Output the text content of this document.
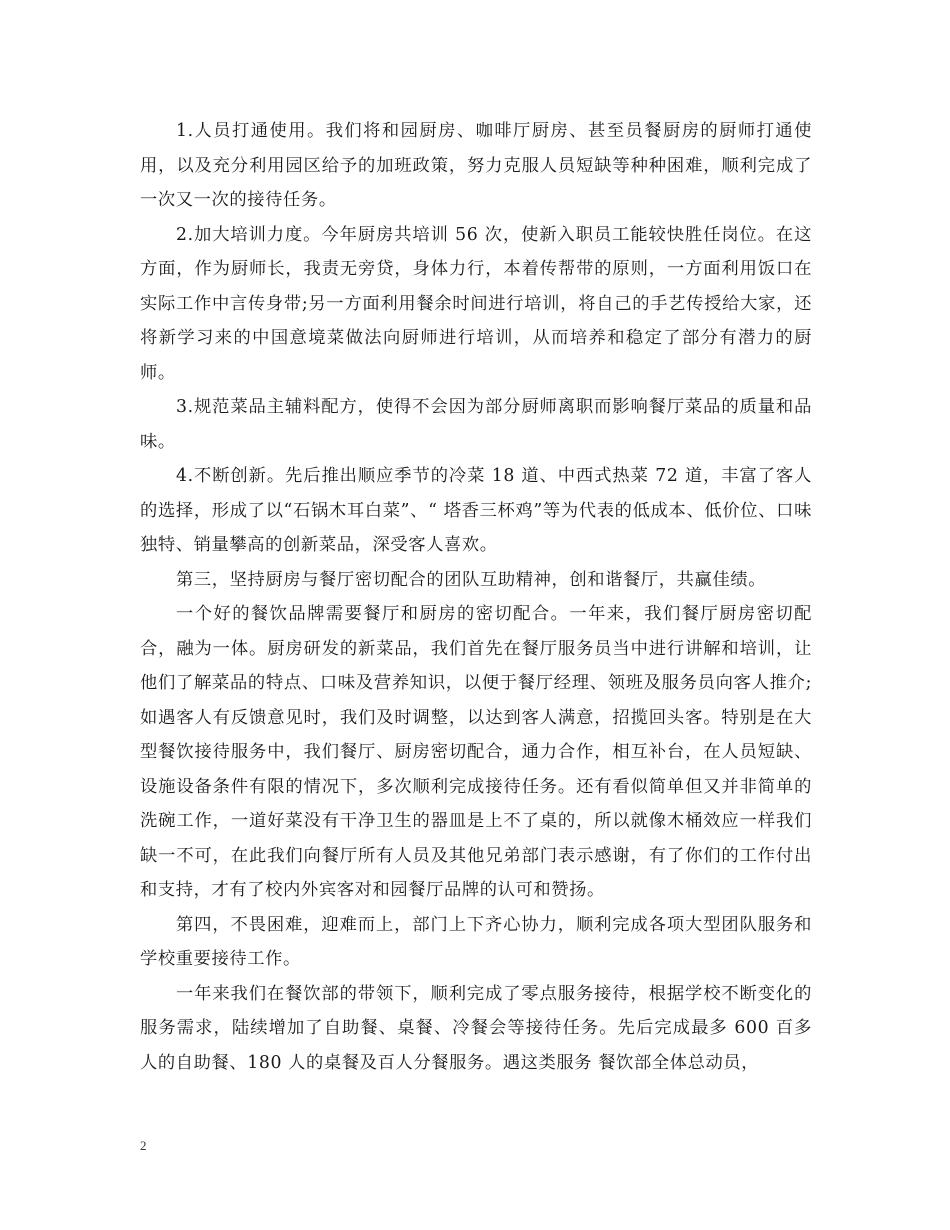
1.人员打通使用。我们将和园厨房、咖啡厅厨房、甚至员餐厨房的厨师打通使用，以及充分利用园区给予的加班政策，努力克服人员短缺等种种困难，顺利完成了一次又一次的接待任务。

2.加大培训力度。今年厨房共培训 56 次，使新入职员工能较快胜任岗位。在这方面，作为厨师长，我责无旁贷，身体力行，本着传帮带的原则，一方面利用饭口在实际工作中言传身带;另一方面利用餐余时间进行培训，将自己的手艺传授给大家，还将新学习来的中国意境菜做法向厨师进行培训，从而培养和稳定了部分有潜力的厨师。

3.规范菜品主辅料配方，使得不会因为部分厨师离职而影响餐厅菜品的质量和品味。

4.不断创新。先后推出顺应季节的冷菜 18 道、中西式热菜 72 道，丰富了客人的选择，形成了以“石锅木耳白菜”、“ 塔香三杯鸡”等为代表的低成本、低价位、口味独特、销量攀高的创新菜品，深受客人喜欢。

第三，坚持厨房与餐厅密切配合的团队互助精神，创和谐餐厅，共赢佳绩。

一个好的餐饮品牌需要餐厅和厨房的密切配合。一年来，我们餐厅厨房密切配合，融为一体。厨房研发的新菜品，我们首先在餐厅服务员当中进行讲解和培训，让他们了解菜品的特点、口味及营养知识，以便于餐厅经理、领班及服务员向客人推介;如遇客人有反馈意见时，我们及时调整，以达到客人满意，招揽回头客。特别是在大型餐饮接待服务中，我们餐厅、厨房密切配合，通力合作，相互补台，在人员短缺、设施设备条件有限的情况下，多次顺利完成接待任务。还有看似简单但又并非简单的洗碗工作，一道好菜没有干净卫生的器皿是上不了桌的，所以就像木桶效应一样我们缺一不可，在此我们向餐厅所有人员及其他兄弟部门表示感谢，有了你们的工作付出和支持，才有了校内外宾客对和园餐厅品牌的认可和赞扬。

第四，不畏困难，迎难而上，部门上下齐心协力，顺利完成各项大型团队服务和学校重要接待工作。

一年来我们在餐饮部的带领下，顺利完成了零点服务接待，根据学校不断变化的服务需求，陆续增加了自助餐、桌餐、冷餐会等接待任务。先后完成最多 600 百多人的自助餐、180 人的桌餐及百人分餐服务。遇这类服务 餐饮部全体总动员，

2
